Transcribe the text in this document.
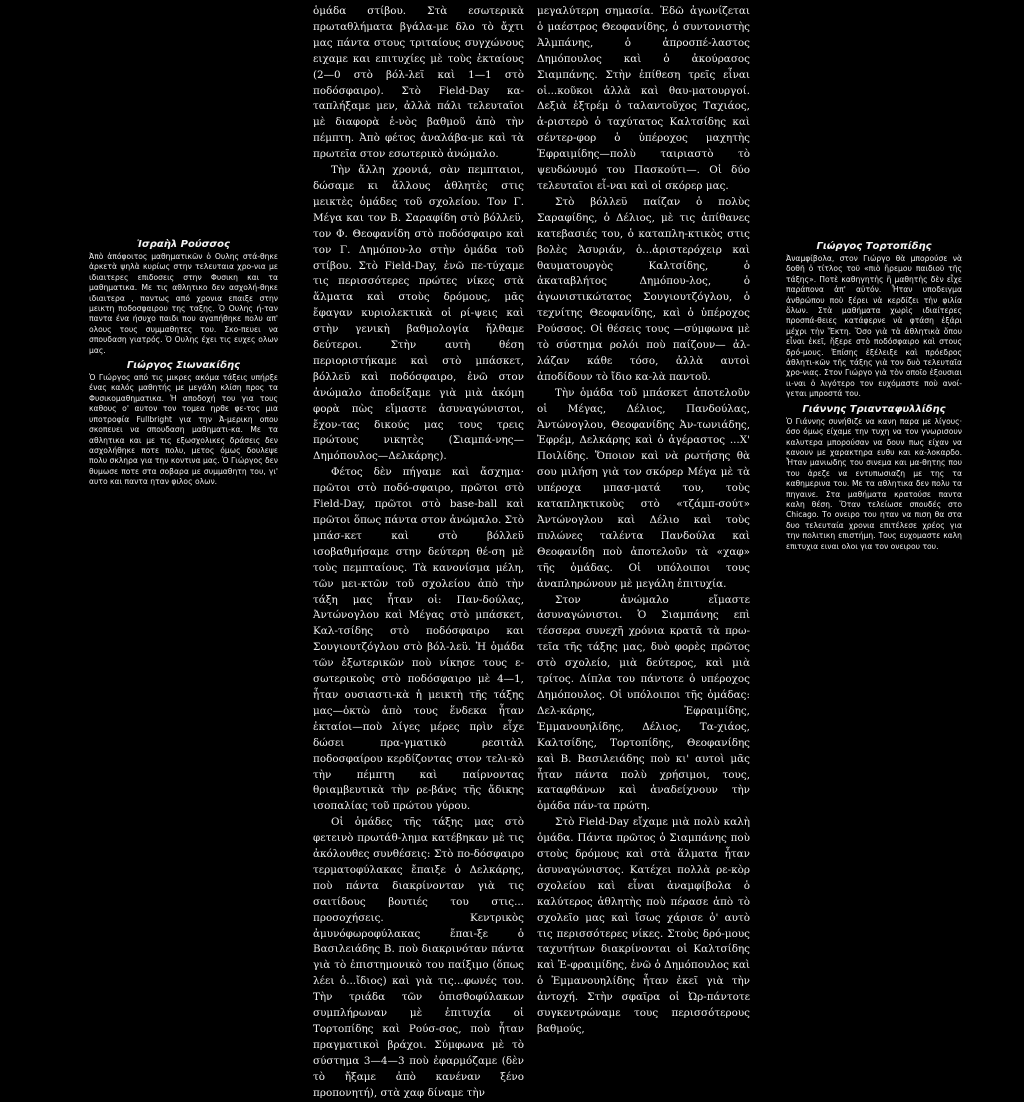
Ἰσραὴλ Ρούσσος
Ἀπὸ ἀπόφοιτος μαθηματικῶν ὁ Ουλης στά-θηκε ἀρκετὰ ψηλὰ κυρίως στην τελευταια χρο-νια με ιδιαιτερες επιδοσεις στην Φυσικη και τα μαθηματικα. Με τις αθλητικο δεν ασχολή-θηκε ιδιαιτερα , παντως από χρονια επαιξε στην μεικτη ποδοσφαιρου της ταξης. Ὁ Ουλης ή-ταν παντα ένα ήσυχο παιδι που αγαπήθηκε πολυ απ' ολους τους συμμαθητες του. Σκο-πευει να σπουδαση γιατρός. Ὁ Ουλης έχει τις ευχες ολων μας.
Γιώργος Σιωνακίδης
Ὁ Γιώργος από τις μικρες ακόμα τάξεις υπήρξε ένας καλός μαθητής με μεγάλη κλίση προς τα Φυσικομαθηματικα. Ἡ αποδοχή του για τους καθους ο' αυτον τον τομεα ηρθε φε-τος μια υποτροφία Fullbright για την Ἀ-μερικη οπου σκοπευει να σπουδαση μαθηματι-κα. Με τα αθλητικα και με τις εξωσχολικες δράσεις δεν ασχολήθηκε ποτε πολυ, μετος όμως δουλεψε πολυ σκληρα για την κοντινα μας. Ὁ Γιώργος δεν θυμωσε ποτε στα σοβαρα με συμμαθητη του, γι' αυτο και παντα ηταν φιλος ολων.
ὁμάδα στίβου. Στὰ εσωτερικὰ πρωταθλήματα βγάλα-με δλο τὸ ἄχτι μας πάντα στους τριταίους συγχώνους ειχαμε και επιτυχίες μὲ τοὺς ἐκταίους (2—0 στὸ βόλ-λεϊ καὶ 1—1 στὸ ποδόσφαιρο). Στὸ Field-Day κα-ταπλήξαμε μεν, ἀλλὰ πάλι τελευταῖοι μὲ διαφορὰ ἑ-νὸς βαθμοῦ ἀπὸ τὴν πέμπτη. Ἀπὸ φέτος ἀναλάβα-με καὶ τὰ πρωτεῖα στον εσωτερικὸ ἀνώμαλο.
Τὴν ἄλλη χρονιά, σὰν πεμπταιοι, δώσαμε κι ἄλλους ἀθλητὲς στις μεικτὲς ὁμάδες τοῦ σχολείου. Τον Γ. Μέγα και τον Β. Σαραφίδη στὸ βόλλεϋ, τον Φ. Θεοφανίδη στὸ ποδόσφαιρο καὶ τον Γ. Δημόπου-λο στὴν ὁμάδα τοῦ στίβου. Στὸ Field-Day, ἐνῶ πε-τύχαμε τις περισσότερες πρώτες νίκες στὰ ἅλματα καὶ στοὺς δρόμους, μᾶς ἔφαγαν κυριολεκτικὰ οἱ ρί-ψεις καὶ στὴν γενικὴ βαθμολογία ἤλθαμε δεύτεροι. Στὴν αυτὴ θέση περιοριστήκαμε καὶ στὸ μπάσκετ, βόλλεϋ καὶ ποδόσφαιρο, ἐνῶ στον ἀνώμαλο ἀποδείξαμε γιὰ μιὰ ἀκόμη φορὰ πὼς εἴμαστε ἀσυναγώνιστοι, ἔχον-τας δικούς μας τους τρεις πρώτους νικητὲς (Σιαμπά-νης—Δημόπουλος—Δελκάρης).
Φέτος δὲν πήγαμε καὶ ἄσχημα· πρῶτοι στὸ ποδό-σφαιρο, πρῶτοι στὸ Field-Day, πρῶτοι στὸ base-ball καὶ πρῶτοι ὅπως πάντα στον ἀνώμαλο. Στὸ μπάσ-κετ καὶ στὸ βόλλεϋ ισοβαθμήσαμε στην δεύτερη θέ-ση μὲ τοὺς πεμπταίους. Τὰ κανονίσμα μέλη, τῶν μει-κτῶν τοῦ σχολείου ἀπὸ τὴν τάξη μας ἦταν οἱ: Παν-δούλας, Ἀντώνογλου καὶ Μέγας στὸ μπάσκετ, Καλ-τσίδης στὸ ποδόσφαιρο και Σουγιουτζόγλου στὸ βόλ-λεϋ. Ἡ ὁμάδα τῶν ἐξωτερικῶν ποὺ νίκησε τους ε-σωτερικοὺς στὸ ποδόσφαιρο μὲ 4—1, ἦταν ουσιαστι-κὰ ἡ μεικτὴ τῆς τάξης μας—ὀκτὼ ἀπὸ τους ἕνδεκα ἦταν ἐκταίοι—ποὺ λίγες μέρες πρὶν εἶχε δώσει πρα-γματικὸ ρεσιτὰλ ποδοσφαίρου κερδίζοντας στον τελι-κὸ τὴν πέμπτη καὶ παίρνοντας θριαμβευτικὰ τὴν ρε-βάνς τῆς ἄδικης ισοπαλίας τοῦ πρώτου γύρου.
Οἱ ὁμάδες τῆς τάξης μας στὸ φετεινὸ πρωτάθ-λημα κατέβηκαν μὲ τις ἀκόλουθες συνθέσεις: Στὸ πο-δόσφαιρο τερματοφύλακας ἔπαιξε ὁ Δελκάρης, ποὺ πάντα διακρίνονταν γιὰ τις σαιτίδους βουτιές του στις... προσοχήσεις. Κεντρικὸς ἀμυνόφωροφύλακας ἔπαι-ξε ὁ Βασιλειάδης Β. ποὺ διακρινόταν πάντα γιὰ τὸ ἐπιστημονικὸ του παίξιμο (ὅπως λέει ὁ...ἴδιος) καὶ γιὰ τις...φωνές του. Τὴν τριάδα τῶν ὀπισθοφύλακων συμπλήρωναν μὲ ἐπιτυχία οἱ Τορτοπίδης καὶ Ρούσ-σος, ποὺ ἦταν πραγματικοὶ βράχοι. Σύμφωνα μὲ τὸ σύστημα 3—4—3 ποὺ ἐφαρμόζαμε (δὲν τὸ ἤξαμε ἀπὸ κανέναν ξένο προπονητή), στὰ χαφ δίναμε τὴν
μεγαλύτερη σημασία. Ἐδῶ ἀγωνίζεται ὁ μαέστρος Θεοφανίδης, ὁ συντονιστὴς Ἀλμπάνης, ὁ ἀπροσπέ-λαστος Δημόπουλος καὶ ὁ ἀκούρασος Σιαμπάνης. Στὴν ἐπίθεση τρεῖς εἶναι οἱ...κοῦκοι ἀλλὰ καὶ θαυ-ματουργοί. Δεξιὰ ἐξτρέμ ὁ ταλαντοῦχος Ταχιάος, ἀ-ριστερὸ ὁ ταχύτατος Καλτσίδης καὶ σέντερ-φορ ὁ ὑπέροχος μαχητὴς Ἐφραιμίδης—πολὺ ταιριαστὸ τὸ ψευδώνυμό του Πασκούτι—. Οἱ δύο τελευταῖοι εἶ-ναι καὶ οἱ σκόρερ μας.
Στὸ βόλλεϋ παίζαν ὁ πολὺς Σαραφίδης, ὁ Δέλιος, μὲ τις ἀπίθανες κατεβασιές του, ὁ καταπλη-κτικὸς στις βολὲς Ἀσυριάν, ὁ...ἀριστερόχειρ καὶ θαυματουργὸς Καλτσίδης, ὁ ἀκαταβλήτος Δημόπου-λος, ὁ ἀγωνιστικώτατος Σουγιουτζόγλου, ὁ τεχνίτης Θεοφανίδης, καὶ ὁ ὑπέροχος Ρούσσος. Οἱ θέσεις τους —σύμφωνα μὲ τὸ σύστημα ρολόι ποὺ παίζουν— ἀλ-λάζαν κάθε τόσο, ἀλλὰ αυτοὶ ἀποδίδουν τὸ ἴδιο κα-λὰ παντοῦ.
Τὴν ὁμάδα τοῦ μπάσκετ ἀποτελοῦν οἱ Μέγας, Δέλιος, Πανδούλας, Ἀντώνογλου, Θεοφανίδης Ἀν-τωνιάδης, Ἐφρέμ, Δελκάρης καὶ ὁ ἀγέραστος ...Χ' Ποιλίδης. Ὅποιον καὶ νὰ ρωτήσης θὰ σου μιλήση γιὰ τον σκόρερ Μέγα μὲ τὰ υπέροχα μπασ-ματά του, τοὺς καταπληκτικοὺς στὸ «τζάμπ-σούτ» Ἀντώνογλου καὶ Δέλιο καὶ τοὺς πυλώνες ταλέντα Πανδούλα καὶ Θεοφανίδη ποὺ ἀποτελοῦν τὰ «χαφ» τῆς ὁμάδας. Οἱ υπόλοιποι τους ἀναπληρώνουν μὲ μεγάλη ἐπιτυχία.
Στον ἀνώμαλο εἴμαστε ἀσυναγώνιστοι. Ὁ Σιαμπάνης επὶ τέσσερα συνεχῆ χρόνια κρατᾶ τὰ πρω-τεῖα τῆς τάξης μας, δυὸ φορὲς πρῶτος στὸ σχολείο, μιὰ δεύτερος, καὶ μιὰ τρίτος. Δίπλα του πάντοτε ὁ υπέροχος Δημόπουλος. Οἱ υπόλοιποι τῆς ὁμάδας: Δελ-κάρης, Ἐφραιμίδης, Ἐμμανουηλίδης, Δέλιος, Τα-χιάος, Καλτσίδης, Τορτοπίδης, Θεοφανίδης καὶ Β. Βασιλειάδης ποὺ κι' αυτοὶ μᾶς ἦταν πάντα πολὺ χρήσιμοι, τους, καταφθάνων καὶ ἀναδείχνουν τὴν ὁμάδα πάν-τα πρώτη.
Στὸ Field-Day εἴχαμε μιὰ πολὺ καλὴ ὁμάδα. Πάντα πρῶτος ὁ Σιαμπάνης ποὺ στοὺς δρόμους καὶ στὰ ἅλματα ἦταν ἀσυναγώνιστος. Κατέχει πολλὰ ρε-κὸρ σχολείου καὶ εἶναι ἀναμφίβολα ὁ καλύτερος ἀθλητὴς ποὺ πέρασε ἀπὸ τὸ σχολεῖο μας καὶ ἴσως χάρισε ὁ' αυτὸ τις περισσότερες νίκες. Στοὺς δρό-μους ταχυτήτων διακρίνονται οἱ Καλτσίδης καὶ Ἐ-φραιμίδης, ἐνῶ ὁ Δημόπουλος καὶ ὁ Ἐμμανουηλίδης ἦταν ἐκεῖ γιὰ τὴν ἀντοχή. Στὴν σφαῖρα οἱ Ὠρ-πάντοτε συγκεντρώναμε τους περισσότερους βαθμούς,
Γιώργος Τορτοπίδης
Ἀναμφίβολα, στον Γιώργο θὰ μπορούσε νὰ δοθῆ ὁ τίτλος τοῦ «πιὸ ἤρεμου παιδιοῦ τῆς τάξης». Ποτὲ καθηγητὴς ἢ μαθητὴς δὲν εἶχε παράπονα ἀπ' αὐτόν. Ἦταν υποδειγμα ἀνθρώπου ποὺ ξέρει νὰ κερδίζει τὴν φιλία ὅλων. Στὰ μαθήματα χωρὶς ιδιαίτερες προσπά-θειες κατάφερνε νὰ φτάση ἐξάρι μέχρι τὴν Ἕκτη. Ὅσο γιὰ τὰ ἀθλητικὰ ὅπου εἶναι ἐκεῖ, ἤξερε στὸ ποδόσφαιρο καὶ στους δρό-μους. Ἐπίσης ἐξέλειξε καὶ πρόεδρος ἀθλητι-κῶν τῆς τάξης γιὰ τον δυὸ τελευταῖα χρο-νιας. Στον Γιώργο γιὰ τὸν οποῖο ἐξουσιαι ιι-ναι ὁ λιγότερο τον ευχόμαστε ποὺ ανοί-γεται μπροστά του.
Γιάννης Τριανταφυλλίδης
Ὁ Γιάννης συνήθιζε να κανη παρα με λίγους· όσο όμως είχαμε την τυχη να τον γνωρισουν καλυτερα μπορούσαν να δουν πως είχαν να κανουν με χαρακτηρα ευθυ και κα-λοκαρδο. Ἦταν μανιωδης του σινεμα και μα-θητης που του ἀρεζε να εντυπωσιαζη με της τα καθημερινα του. Με τα αθλητικα δεν πολυ τα πηγαινε. Στα μαθήματα κρατούσε παντα καλη θέση. Ὅταν τελείωσε σπουδές στο Chicago. Το ονειρο του ηταν να πιση θα στα δυο τελευταία χρονια επιτέλεσε χρέος για την πολιτικη επιστήμη. Τους ευχομαστε καλη επιτυχια ειναι ολοι για τον ονειρου του.
